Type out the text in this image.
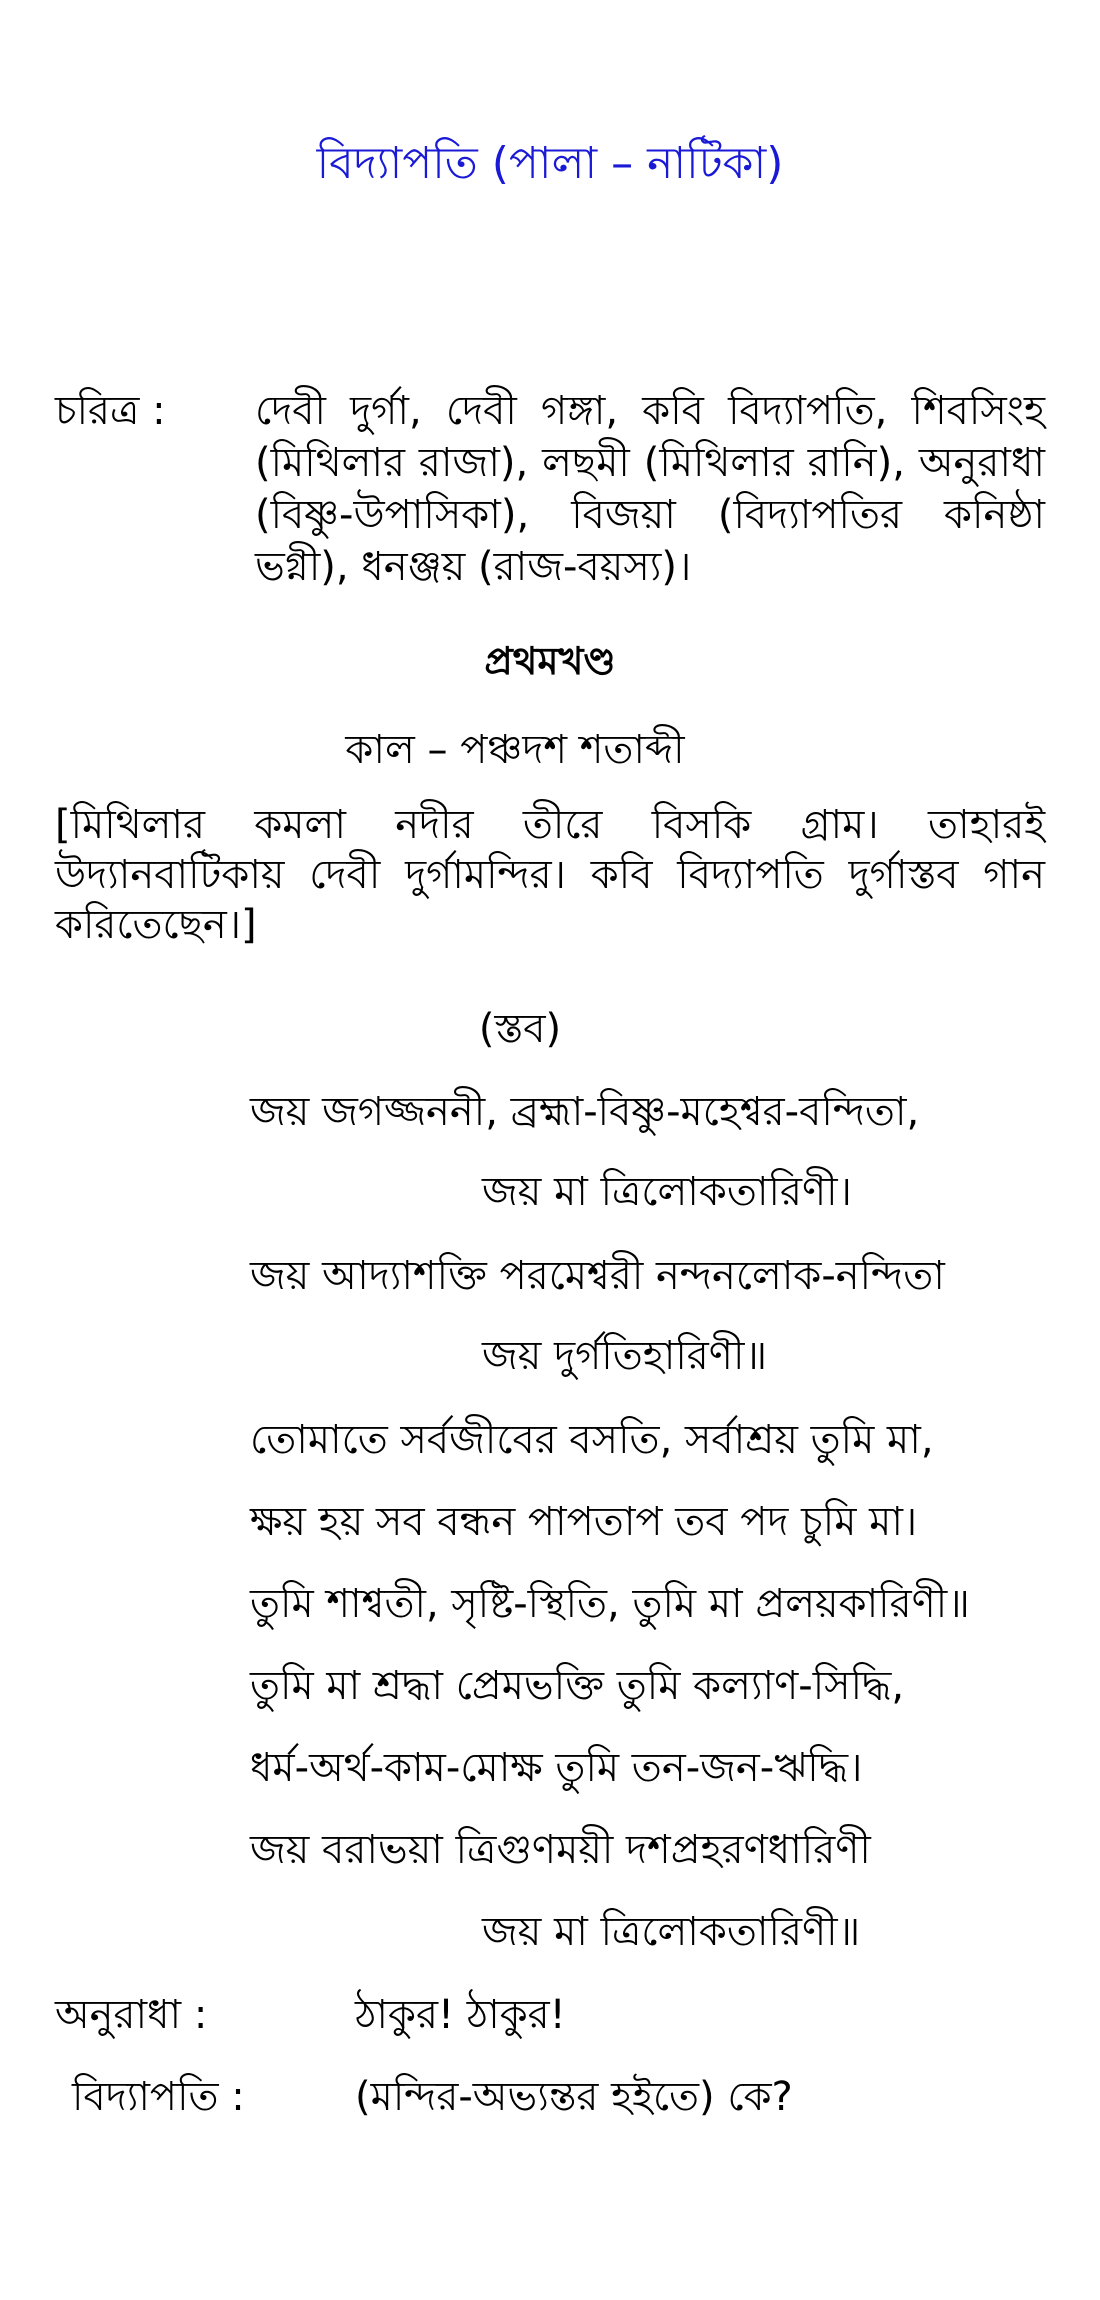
বিদ্যাপতি (পালা – নাটিকা)
চরিত্র : দেবী দুর্গা, দেবী গঙ্গা, কবি বিদ্যাপতি, শিবসিংহ (মিথিলার রাজা), লছমী (মিথিলার রানি), অনুরাধা (বিষ্ণু-উপাসিকা), বিজয়া (বিদ্যাপতির কনিষ্ঠা ভগ্নী), ধনঞ্জয় (রাজ-বয়স্য)।
প্রথমখণ্ড
কাল – পঞ্চদশ শতাব্দী
[মিথিলার কমলা নদীর তীরে বিসকি গ্রাম। তাহারই উদ্যানবাটিকায় দেবী দুর্গামন্দির। কবি বিদ্যাপতি দুর্গাস্তব গান করিতেছেন।]
(স্তব)
জয় জগজ্জননী, ব্রহ্মা-বিষ্ণু-মহেশ্বর-বন্দিতা,
জয় মা ত্রিলোকতারিণী।
জয় আদ্যাশক্তি পরমেশ্বরী নন্দনলোক-নন্দিতা
জয় দুর্গতিহারিণী॥
তোমাতে সর্বজীবের বসতি, সর্বাশ্রয় তুমি মা,
ক্ষয় হয় সব বন্ধন পাপতাপ তব পদ চুমি মা।
তুমি শাশ্বতী, সৃষ্টি-স্থিতি, তুমি মা প্রলয়কারিণী॥
তুমি মা শ্রদ্ধা প্রেমভক্তি তুমি কল্যাণ-সিদ্ধি,
ধর্ম-অর্থ-কাম-মোক্ষ তুমি তন-জন-ঋদ্ধি।
জয় বরাভয়া ত্রিগুণময়ী দশপ্রহরণধারিণী
জয় মা ত্রিলোকতারিণী॥
অনুরাধা :	ঠাকুর! ঠাকুর!
বিদ্যাপতি :	(মন্দির-অভ্যন্তর হইতে) কে?
